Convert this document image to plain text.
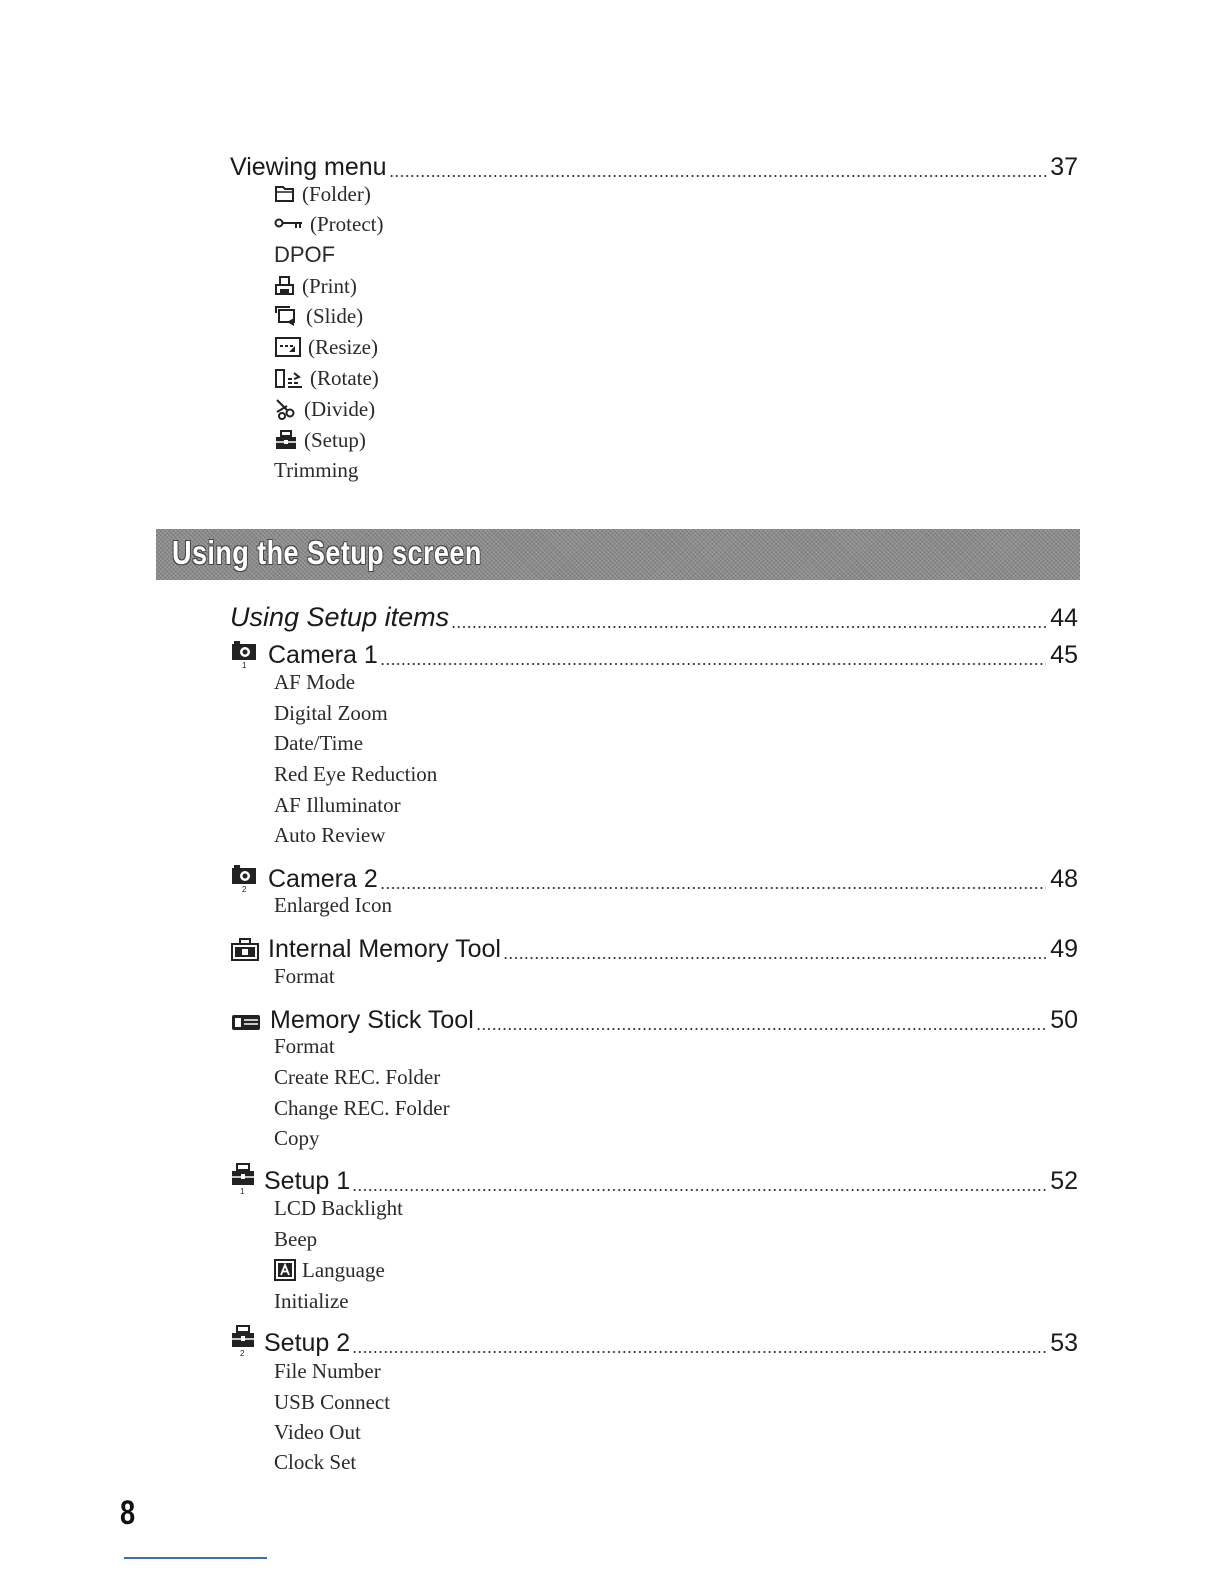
Viewing menu	37
(Folder)
(Protect)
DPOF
(Print)
(Slide)
(Resize)
(Rotate)
(Divide)
(Setup)
Trimming
Using the Setup screen
Using Setup items	44
1 Camera 1	45
AF Mode
Digital Zoom
Date/Time
Red Eye Reduction
AF Illuminator
Auto Review
2 Camera 2	48
Enlarged Icon
Internal Memory Tool	49
Format
Memory Stick Tool	50
Format
Create REC. Folder
Change REC. Folder
Copy
1 Setup 1	52
LCD Backlight
Beep
Language
Initialize
2 Setup 2	53
File Number
USB Connect
Video Out
Clock Set
8
